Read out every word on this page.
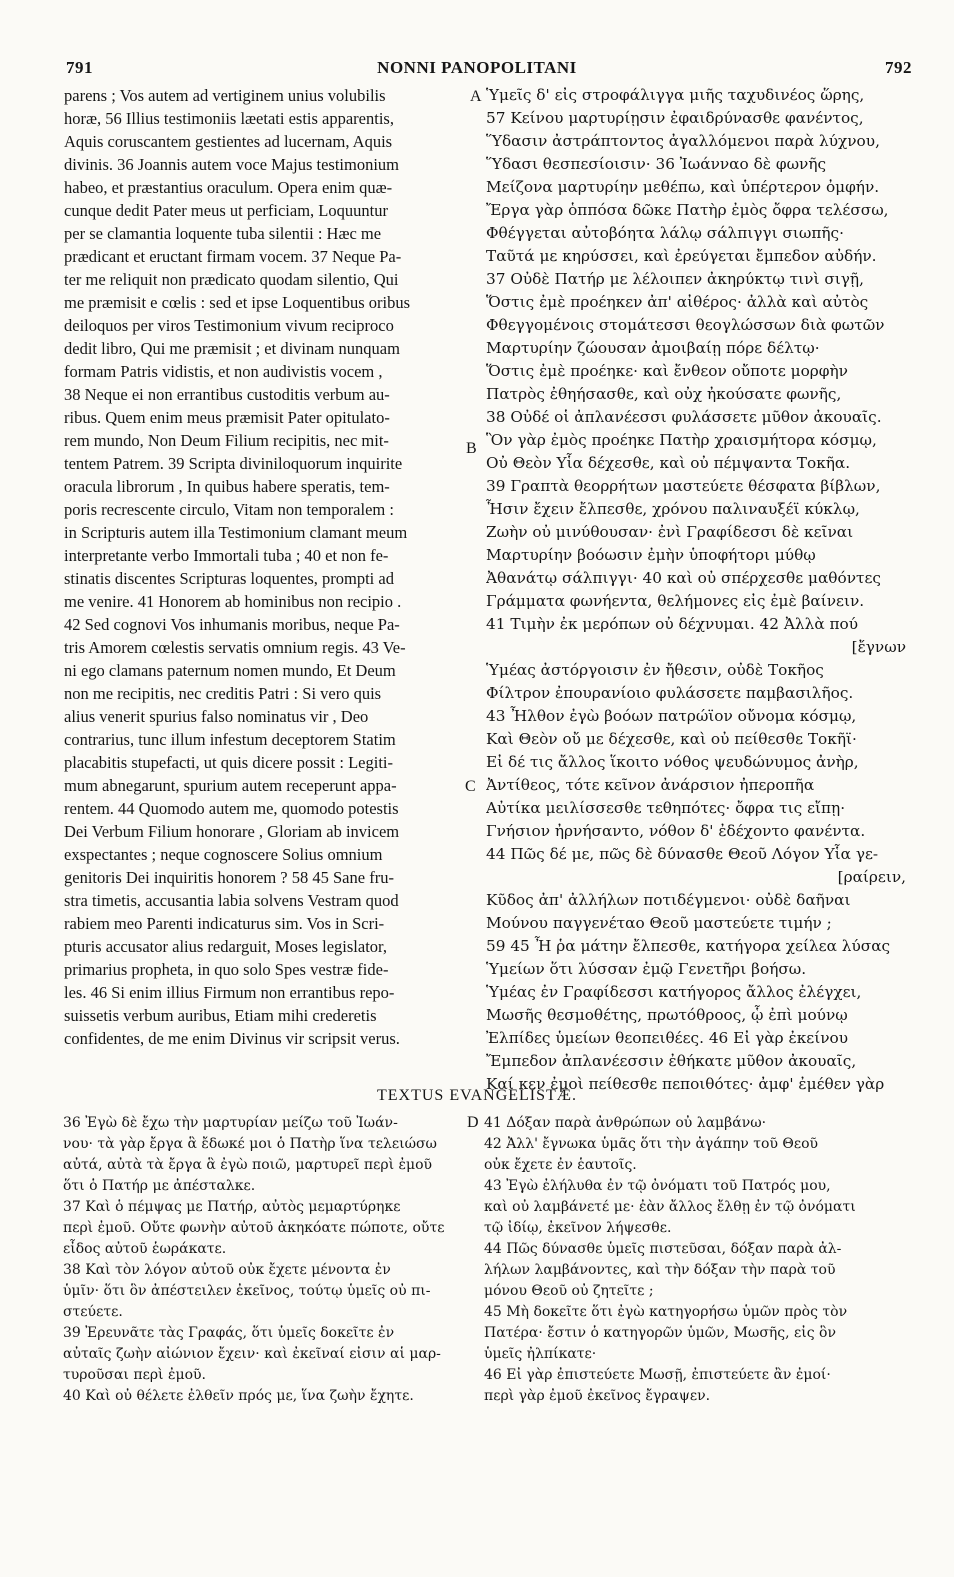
791	NONNI PANOPOLITANI	792
parens ; Vos autem ad vertiginem unius volubilis
horæ, 56 Illius testimoniis læetati estis apparentis,
Aquis coruscantem gestientes ad lucernam, Aquis
divinis. 36 Joannis autem voce Majus testimonium
habeo, et præstantius oraculum. Opera enim quæ-
cunque dedit Pater meus ut perficiam, Loquuntur
per se clamantia loquente tuba silentii : Hæc me
prædicant et eructant firmam vocem. 37 Neque Pa-
ter me reliquit non prædicato quodam silentio, Qui
me præmisit e cœlis : sed et ipse Loquentibus oribus
deiloquos per viros Testimonium vivum reciproco
dedit libro, Qui me præmisit ; et divinam nunquam
formam Patris vidistis, et non audivistis vocem ,
38 Neque ei non errantibus custoditis verbum au-
ribus. Quem enim meus præmisit Pater opitulato-
rem mundo, Non Deum Filium recipitis, nec mit-
tentem Patrem. 39 Scripta diviniloquorum inquirite
oracula librorum , In quibus habere speratis, tem-
poris recrescente circulo, Vitam non temporalem :
in Scripturis autem illa Testimonium clamant meum
interpretante verbo Immortali tuba ; 40 et non fe-
stinatis discentes Scripturas loquentes, prompti ad
me venire. 41 Honorem ab hominibus non recipio .
42 Sed cognovi Vos inhumanis moribus, neque Pa-
tris Amorem cœlestis servatis omnium regis. 43 Ve-
ni ego clamans paternum nomen mundo, Et Deum
non me recipitis, nec creditis Patri : Si vero quis
alius venerit spurius falso nominatus vir , Deo
contrarius, tunc illum infestum deceptorem Statim
placabitis stupefacti, ut quis dicere possit : Legiti-
mum abnegarunt, spurium autem receperunt appa-
rentem. 44 Quomodo autem me, quomodo potestis
Dei Verbum Filium honorare , Gloriam ab invicem
exspectantes ; neque cognoscere Solius omnium
genitoris Dei inquiritis honorem ? 58 45 Sane fru-
stra timetis, accusantia labia solvens Vestram quod
rabiem meo Parenti indicaturus sim. Vos in Scri-
pturis accusator alius redarguit, Moses legislator,
primarius propheta, in quo solo Spes vestræ fide-
les. 46 Si enim illius Firmum non errantibus repo-
suissetis verbum auribus, Etiam mihi crederetis
confidentes, de me enim Divinus vir scripsit verus.
Ὑμεῖς δ' εἰς στροφάλιγγα μιῆς ταχυδινέος ὥρης,
57 Κείνου μαρτυρίῃσιν ἐφαιδρύνασθε φανέντος,
Ὕδασιν ἀστράπτοντος ἀγαλλόμενοι παρὰ λύχνου,
Ὕδασι θεσπεσίοισιν· 36 Ἰωάνναο δὲ φωνῆς
Μείζονα μαρτυρίην μεθέπω, καὶ ὑπέρτερον ὀμφήν.
Ἔργα γὰρ ὁππόσα δῶκε Πατὴρ ἐμὸς ὄφρα τελέσσω,
Φθέγγεται αὐτοβόητα λάλῳ σάλπιγγι σιωπῆς·
Ταῦτά με κηρύσσει, καὶ ἐρεύγεται ἔμπεδον αὐδήν.
37 Οὐδὲ Πατήρ με λέλοιπεν ἀκηρύκτῳ τινὶ σιγῇ,
Ὅστις ἐμὲ προέηκεν ἀπ' αἰθέρος· ἀλλὰ καὶ αὐτὸς
Φθεγγομένοις στομάτεσσι θεογλώσσων διὰ φωτῶν
Μαρτυρίην ζώουσαν ἀμοιβαίῃ πόρε δέλτῳ·
Ὅστις ἐμὲ προέηκε· καὶ ἔνθεον οὔποτε μορφὴν
Πατρὸς ἐθηήσασθε, καὶ οὐχ ἠκούσατε φωνῆς,
38 Οὐδέ οἱ ἀπλανέεσσι φυλάσσετε μῦθον ἀκουαῖς.
Ὃν γὰρ ἐμὸς προέηκε Πατὴρ χραισμήτορα κόσμῳ,
Οὐ Θεὸν Υἷα δέχεσθε, καὶ οὐ πέμψαντα Τοκῆα.
39 Γραπτὰ θεορρήτων μαστεύετε θέσφατα βίβλων,
Ἧσιν ἔχειν ἔλπεσθε, χρόνου παλιναυξέϊ κύκλῳ,
Ζωὴν οὐ μινύθουσαν· ἐνὶ Γραφίδεσσι δὲ κεῖναι
Μαρτυρίην βοόωσιν ἐμὴν ὑποφήτορι μύθῳ
Ἀθανάτῳ σάλπιγγι· 40 καὶ οὐ σπέρχεσθε μαθόντες
Γράμματα φωνήεντα, θελήμονες εἰς ἐμὲ βαίνειν.
41 Τιμὴν ἐκ μερόπων οὐ δέχνυμαι. 42 Ἀλλὰ πού
[ἔγνων
Ὑμέας ἀστόργοισιν ἐν ἤθεσιν, οὐδὲ Τοκῆος
Φίλτρον ἐπουρανίοιο φυλάσσετε παμβασιλῆος.
43 Ἦλθον ἐγὼ βοόων πατρώϊον οὔνομα κόσμῳ,
Καὶ Θεὸν οὔ με δέχεσθε, καὶ οὐ πείθεσθε Τοκῆϊ·
Εἰ δέ τις ἄλλος ἵκοιτο νόθος ψευδώνυμος ἀνὴρ,
Ἀντίθεος, τότε κεῖνον ἀνάρσιον ἠπεροπῆα
Αὐτίκα μειλίσσεσθε τεθηπότες· ὄφρα τις εἴπῃ·
Γνήσιον ἠρνήσαντο, νόθον δ' ἐδέχοντο φανέντα.
44 Πῶς δέ με, πῶς δὲ δύνασθε Θεοῦ Λόγον Υἷα γε-
[ραίρειν,
Κῦδος ἀπ' ἀλλήλων ποτιδέγμενοι· οὐδὲ δαῆναι
Μούνου παγγενέταο Θεοῦ μαστεύετε τιμήν ;
59 45 Ἦ ῥα μάτην ἔλπεσθε, κατήγορα χείλεα λύσας
Ὑμείων ὅτι λύσσαν ἐμῷ Γενετῆρι βοήσω.
Ὑμέας ἐν Γραφίδεσσι κατήγορος ἄλλος ἐλέγχει,
Μωσῆς θεσμοθέτης, πρωτόθροος, ᾧ ἐπὶ μούνῳ
Ἐλπίδες ὑμείων θεοπειθέες. 46 Εἰ γὰρ ἐκείνου
Ἔμπεδον ἀπλανέεσσιν ἐθήκατε μῦθον ἀκουαῖς,
Καί κεν ἐμοὶ πείθεσθε πεποιθότες· ἀμφ' ἐμέθεν γὰρ
A
B
C
D
TEXTUS EVANGELISTÆ.
36 Ἐγὼ δὲ ἔχω τὴν μαρτυρίαν μείζω τοῦ Ἰωάν-
νου· τὰ γὰρ ἔργα ἃ ἔδωκέ μοι ὁ Πατὴρ ἵνα τελειώσω
αὐτά, αὐτὰ τὰ ἔργα ἃ ἐγὼ ποιῶ, μαρτυρεῖ περὶ ἐμοῦ
ὅτι ὁ Πατήρ με ἀπέσταλκε.
37 Καὶ ὁ πέμψας με Πατήρ, αὐτὸς μεμαρτύρηκε
περὶ ἐμοῦ. Οὔτε φωνὴν αὐτοῦ ἀκηκόατε πώποτε, οὔτε
εἶδος αὐτοῦ ἑωράκατε.
38 Καὶ τὸν λόγον αὐτοῦ οὐκ ἔχετε μένοντα ἐν
ὑμῖν· ὅτι ὃν ἀπέστειλεν ἐκεῖνος, τούτῳ ὑμεῖς οὐ πι-
στεύετε.
39 Ἐρευνᾶτε τὰς Γραφάς, ὅτι ὑμεῖς δοκεῖτε ἐν
αὐταῖς ζωὴν αἰώνιον ἔχειν· καὶ ἐκεῖναί εἰσιν αἱ μαρ-
τυροῦσαι περὶ ἐμοῦ.
40 Καὶ οὐ θέλετε ἐλθεῖν πρός με, ἵνα ζωὴν ἔχητε.
41 Δόξαν παρὰ ἀνθρώπων οὐ λαμβάνω·
42 Ἀλλ' ἔγνωκα ὑμᾶς ὅτι τὴν ἀγάπην τοῦ Θεοῦ
οὐκ ἔχετε ἐν ἑαυτοῖς.
43 Ἐγὼ ἐλήλυθα ἐν τῷ ὀνόματι τοῦ Πατρός μου,
καὶ οὐ λαμβάνετέ με· ἐὰν ἄλλος ἔλθῃ ἐν τῷ ὀνόματι
τῷ ἰδίῳ, ἐκεῖνον λήψεσθε.
44 Πῶς δύνασθε ὑμεῖς πιστεῦσαι, δόξαν παρὰ ἀλ-
λήλων λαμβάνοντες, καὶ τὴν δόξαν τὴν παρὰ τοῦ
μόνου Θεοῦ οὐ ζητεῖτε ;
45 Μὴ δοκεῖτε ὅτι ἐγὼ κατηγορήσω ὑμῶν πρὸς τὸν
Πατέρα· ἔστιν ὁ κατηγορῶν ὑμῶν, Μωσῆς, εἰς ὃν
ὑμεῖς ἠλπίκατε·
46 Εἰ γὰρ ἐπιστεύετε Μωσῇ, ἐπιστεύετε ἂν ἐμοί·
περὶ γὰρ ἐμοῦ ἐκεῖνος ἔγραψεν.
